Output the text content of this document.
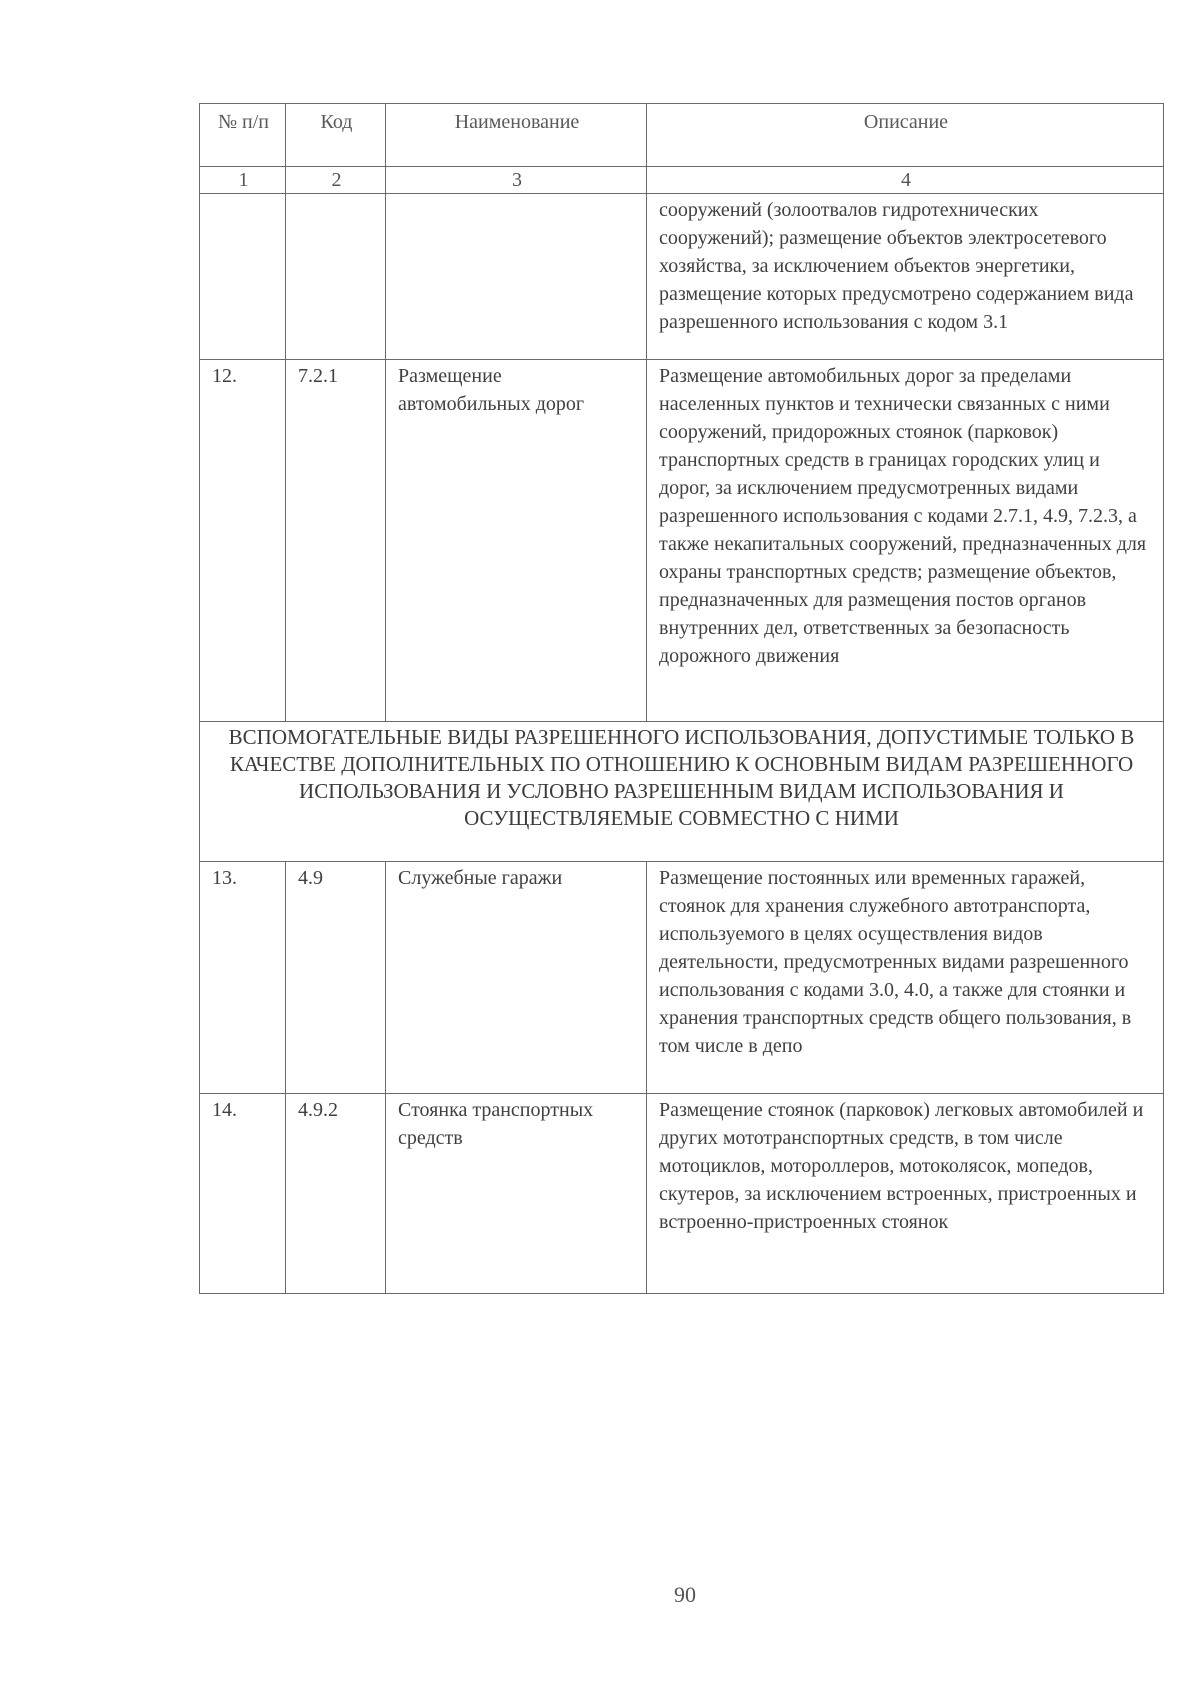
№ п/п	Код	Наименование	Описание
1	2	3	4
			сооружений (золоотвалов гидротехнических сооружений); размещение объектов электросетевого хозяйства, за исключением объектов энергетики, размещение которых предусмотрено содержанием вида разрешенного использования с кодом 3.1
12.	7.2.1	Размещение автомобильных дорог	Размещение автомобильных дорог за пределами населенных пунктов и технически связанных с ними сооружений, придорожных стоянок (парковок) транспортных средств в границах городских улиц и дорог, за исключением предусмотренных видами разрешенного использования с кодами 2.7.1, 4.9, 7.2.3, а также некапитальных сооружений, предназначенных для охраны транспортных средств; размещение объектов, предназначенных для размещения постов органов внутренних дел, ответственных за безопасность дорожного движения
ВСПОМОГАТЕЛЬНЫЕ ВИДЫ РАЗРЕШЕННОГО ИСПОЛЬЗОВАНИЯ, ДОПУСТИМЫЕ ТОЛЬКО В КАЧЕСТВЕ ДОПОЛНИТЕЛЬНЫХ ПО ОТНОШЕНИЮ К ОСНОВНЫМ ВИДАМ РАЗРЕШЕННОГО ИСПОЛЬЗОВАНИЯ И УСЛОВНО РАЗРЕШЕННЫМ ВИДАМ ИСПОЛЬЗОВАНИЯ И ОСУЩЕСТВЛЯЕМЫЕ СОВМЕСТНО С НИМИ			
13.	4.9	Служебные гаражи	Размещение постоянных или временных гаражей, стоянок для хранения служебного автотранспорта, используемого в целях осуществления видов деятельности, предусмотренных видами разрешенного использования с кодами 3.0, 4.0, а также для стоянки и хранения транспортных средств общего пользования, в том числе в депо
14.	4.9.2	Стоянка транспортных средств	Размещение стоянок (парковок) легковых автомобилей и других мототранспортных средств, в том числе мотоциклов, мотороллеров, мотоколясок, мопедов, скутеров, за исключением встроенных, пристроенных и встроенно-пристроенных стоянок
90
